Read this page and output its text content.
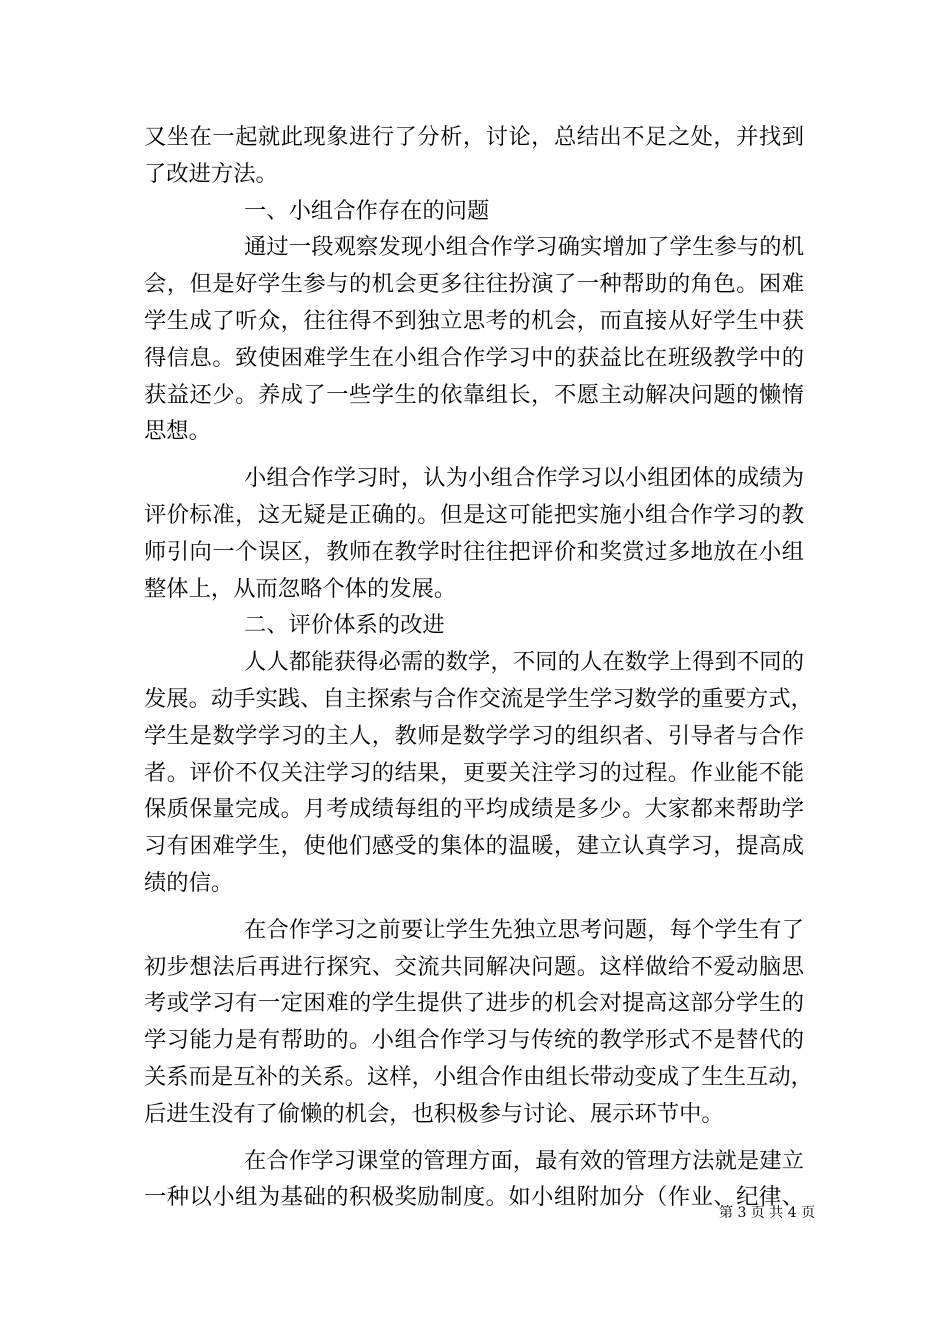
又坐在一起就此现象进行了分析，讨论，总结出不足之处，并找到
了改进方法。
一、小组合作存在的问题
通过一段观察发现小组合作学习确实增加了学生参与的机
会，但是好学生参与的机会更多往往扮演了一种帮助的角色。困难
学生成了听众，往往得不到独立思考的机会，而直接从好学生中获
得信息。致使困难学生在小组合作学习中的获益比在班级教学中的
获益还少。养成了一些学生的依靠组长，不愿主动解决问题的懒惰
思想。
小组合作学习时，认为小组合作学习以小组团体的成绩为
评价标准，这无疑是正确的。但是这可能把实施小组合作学习的教
师引向一个误区，教师在教学时往往把评价和奖赏过多地放在小组
整体上，从而忽略个体的发展。
二、评价体系的改进
人人都能获得必需的数学，不同的人在数学上得到不同的
发展。动手实践、自主探索与合作交流是学生学习数学的重要方式，
学生是数学学习的主人，教师是数学学习的组织者、引导者与合作
者。评价不仅关注学习的结果，更要关注学习的过程。作业能不能
保质保量完成。月考成绩每组的平均成绩是多少。大家都来帮助学
习有困难学生，使他们感受的集体的温暖，建立认真学习，提高成
绩的信。
在合作学习之前要让学生先独立思考问题，每个学生有了
初步想法后再进行探究、交流共同解决问题。这样做给不爱动脑思
考或学习有一定困难的学生提供了进步的机会对提高这部分学生的
学习能力是有帮助的。小组合作学习与传统的教学形式不是替代的
关系而是互补的关系。这样，小组合作由组长带动变成了生生互动，
后进生没有了偷懒的机会，也积极参与讨论、展示环节中。
在合作学习课堂的管理方面，最有效的管理方法就是建立
一种以小组为基础的积极奖励制度。如小组附加分（作业、纪律、
第 3 页 共 4 页
